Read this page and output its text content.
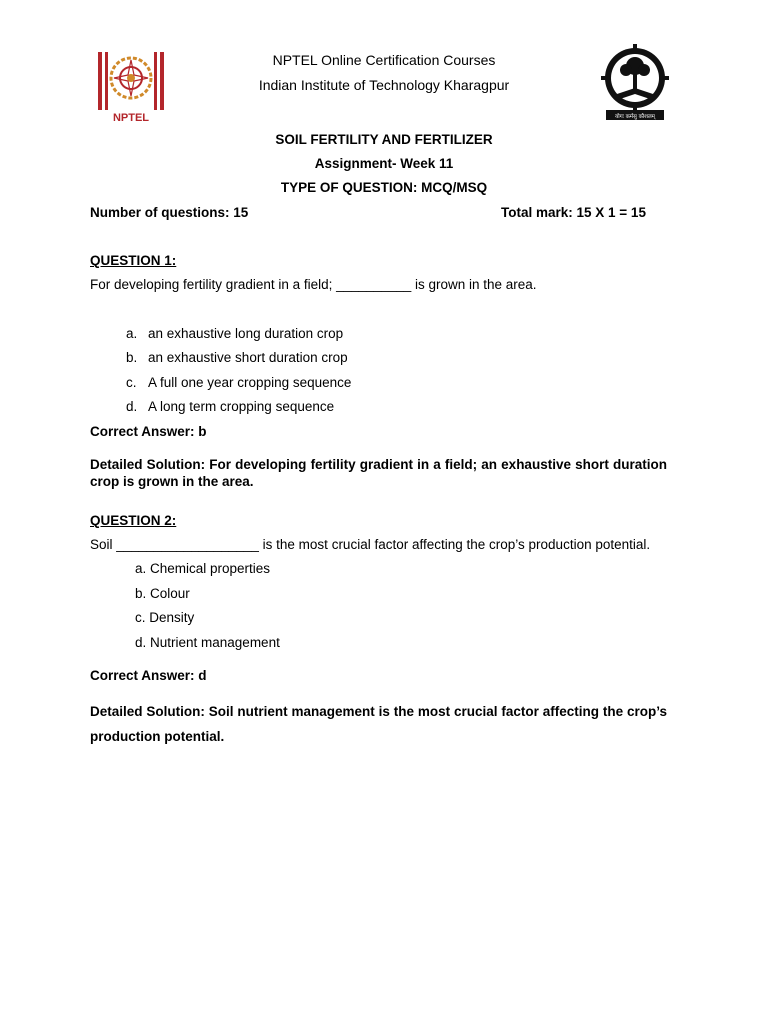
NPTEL	योगः कर्मसु कौशलम्
NPTEL Online Certification Courses
Indian Institute of Technology Kharagpur
SOIL FERTILITY AND FERTILIZER
Assignment- Week 11
TYPE OF QUESTION: MCQ/MSQ
Number of questions: 15	Total mark: 15 X 1 = 15
QUESTION 1:
For developing fertility gradient in a field; __________ is grown in the area.
a. an exhaustive long duration crop
b. an exhaustive short duration crop
c. A full one year cropping sequence
d. A long term cropping sequence
Correct Answer: b
Detailed Solution: For developing fertility gradient in a field; an exhaustive short duration crop is grown in the area.
QUESTION 2:
Soil ___________________ is the most crucial factor affecting the crop’s production potential.
a. Chemical properties
b. Colour
c. Density
d. Nutrient management
Correct Answer: d
Detailed Solution: Soil nutrient management is the most crucial factor affecting the crop’s production potential.
